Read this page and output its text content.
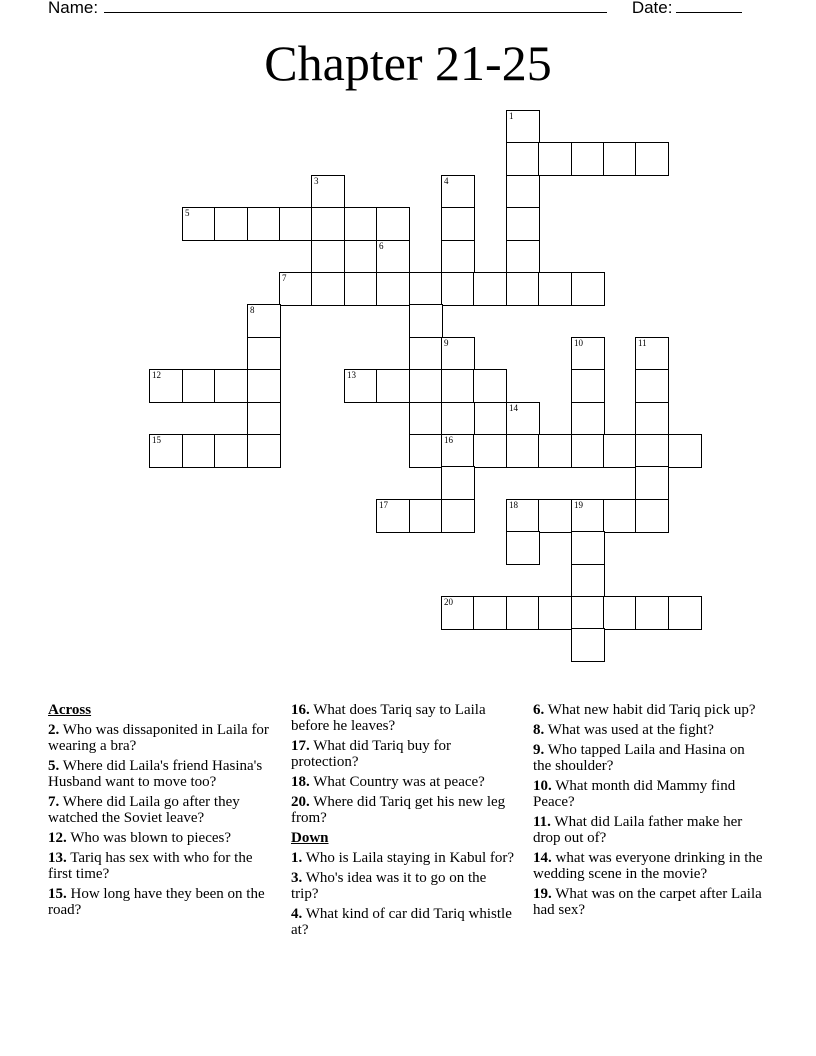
Name:	Date:
Chapter 21-25
1
3	4
5
6
7
8
9	10	11
12	13
14
15	16
17	18	19
20
Across
2. Who was dissaponited in Laila for wearing a bra?
5. Where did Laila's friend Hasina's Husband want to move too?
7. Where did Laila go after they watched the Soviet leave?
12. Who was blown to pieces?
13. Tariq has sex with who for the first time?
15. How long have they been on the road?
16. What does Tariq say to Laila before he leaves?
17. What did Tariq buy for protection?
18. What Country was at peace?
20. Where did Tariq get his new leg from?
Down
1. Who is Laila staying in Kabul for?
3. Who's idea was it to go on the trip?
4. What kind of car did Tariq whistle at?
6. What new habit did Tariq pick up?
8. What was used at the fight?
9. Who tapped Laila and Hasina on the shoulder?
10. What month did Mammy find Peace?
11. What did Laila father make her drop out of?
14. what was everyone drinking in the wedding scene in the movie?
19. What was on the carpet after Laila had sex?
